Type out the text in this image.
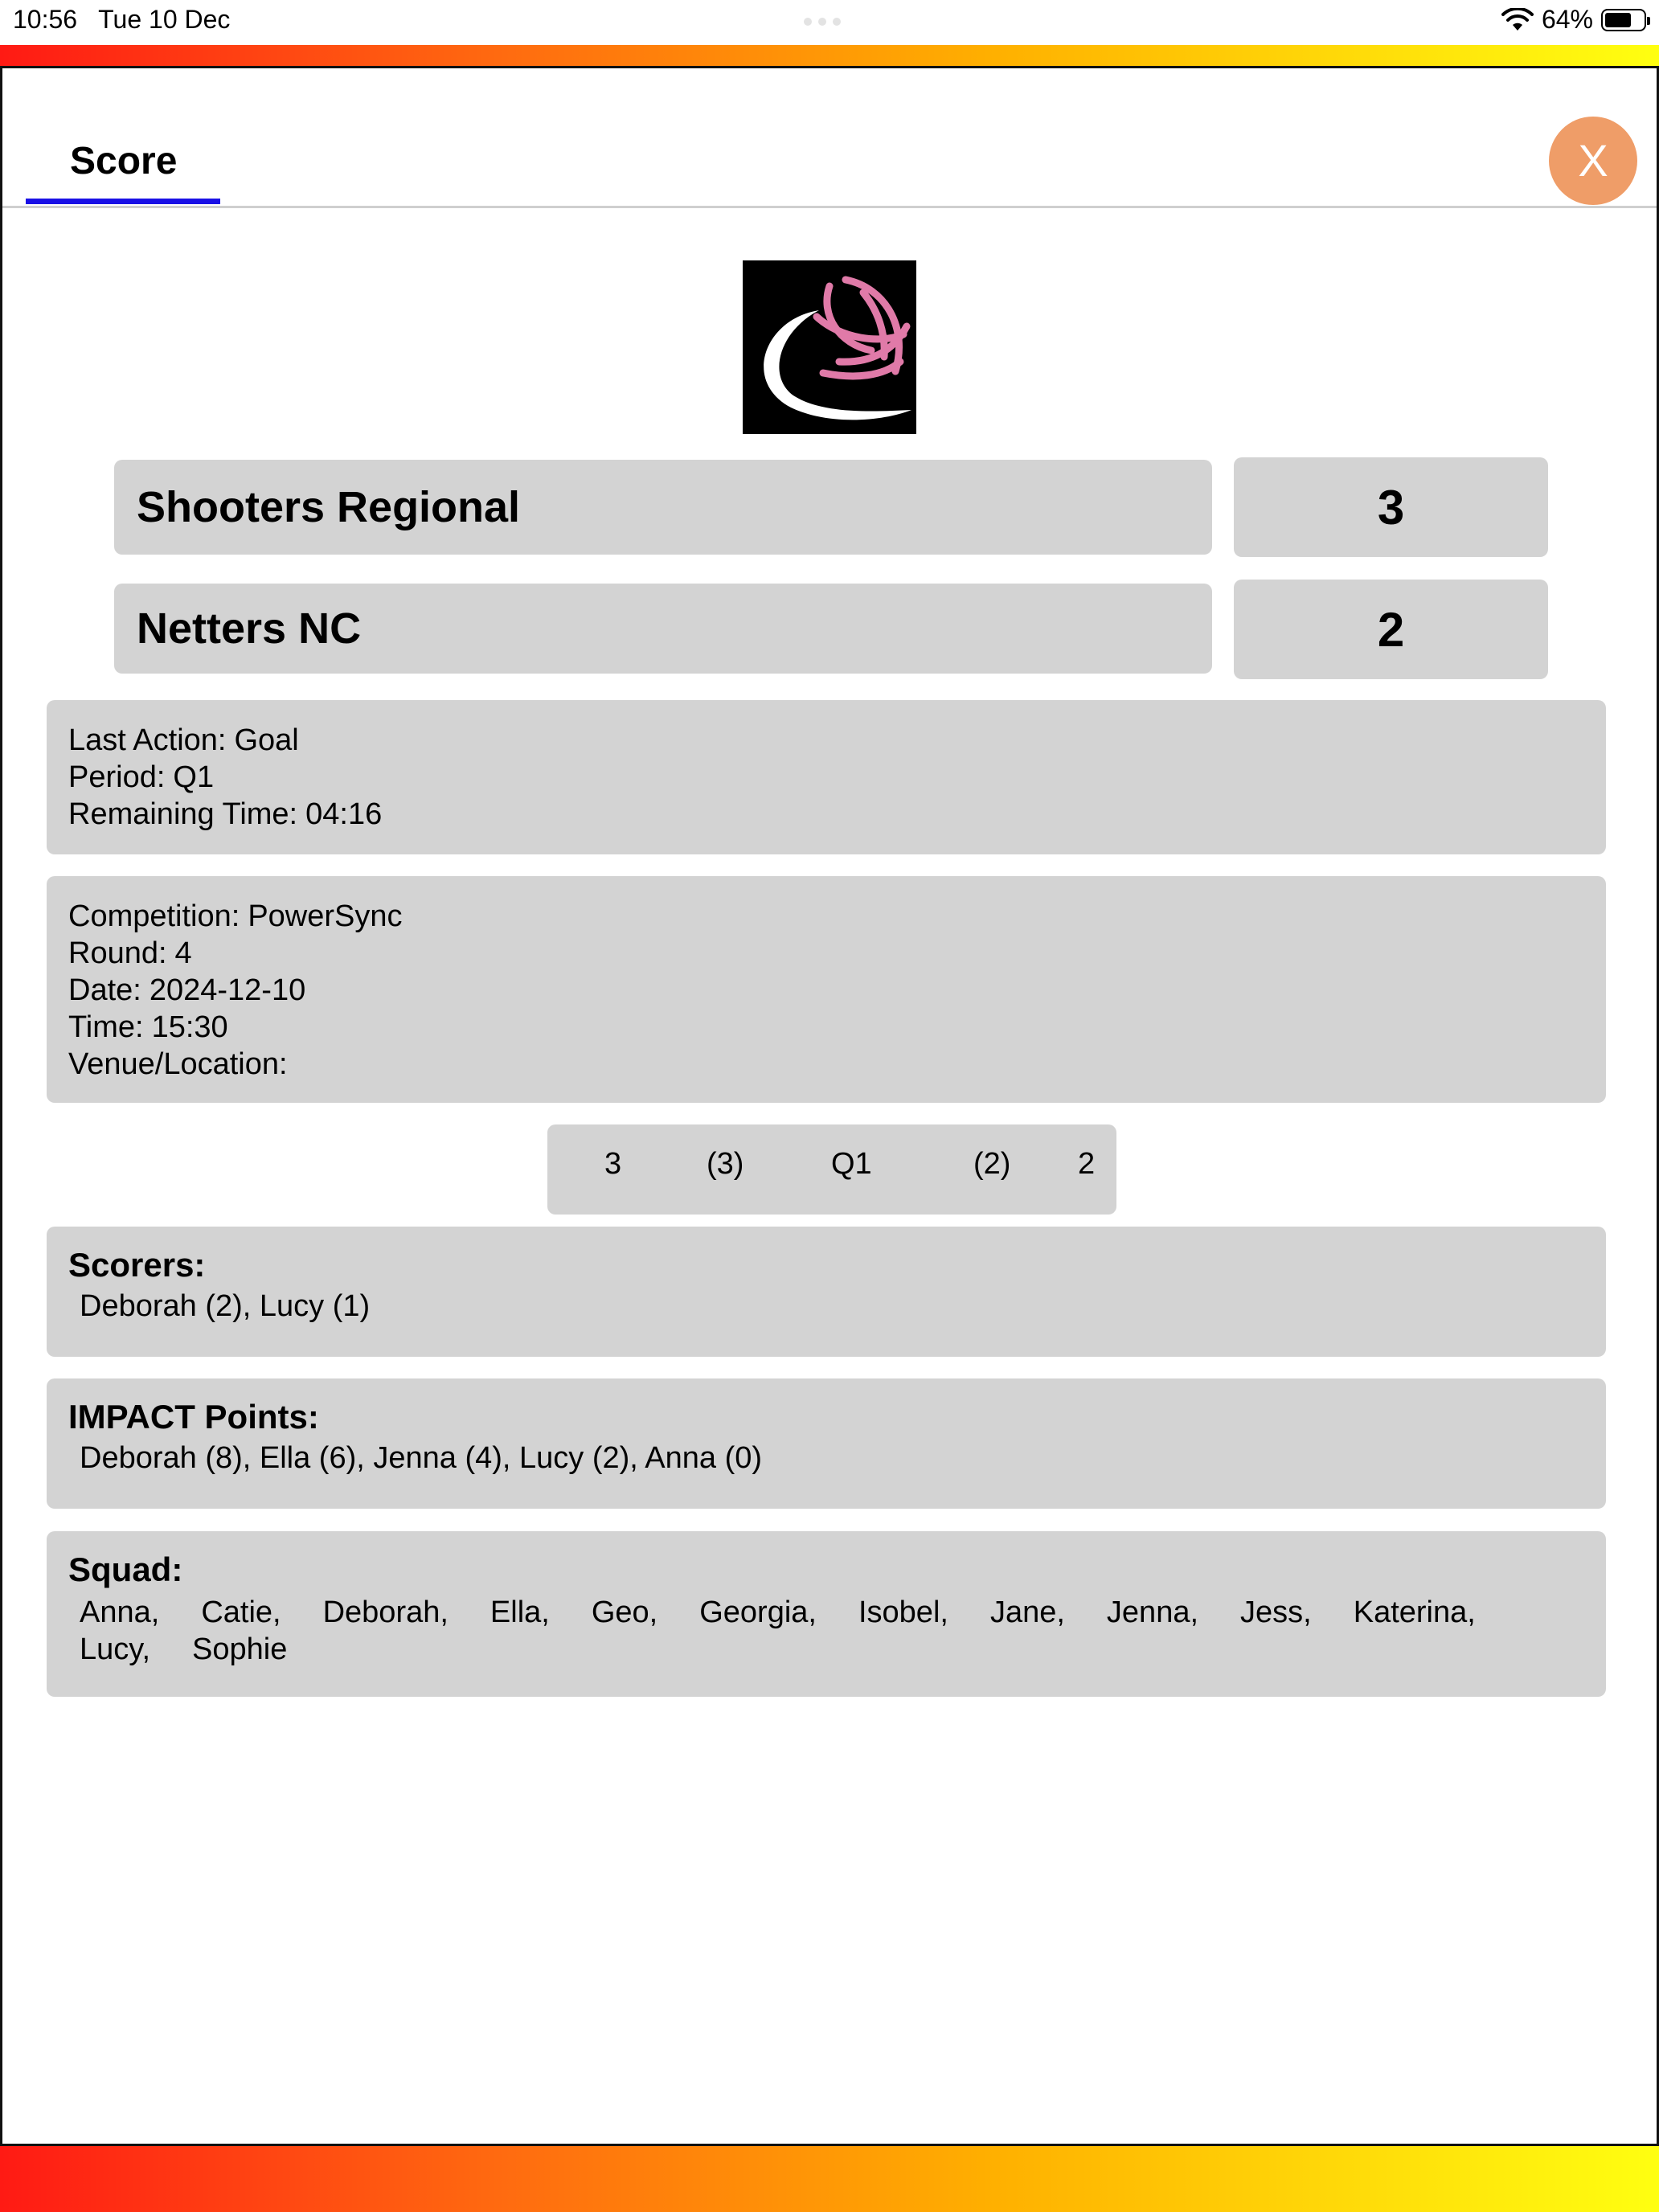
10:56 Tue 10 Dec	64%
Score	X
Shooters Regional	3
Netters NC	2
Last Action: Goal
Period: Q1
Remaining Time: 04:16
Competition: PowerSync
Round: 4
Date: 2024-12-10
Time: 15:30
Venue/Location:
3	(3)	Q1	(2) 2
Scorers:
Deborah (2), Lucy (1)
IMPACT Points:
Deborah (8), Ella (6), Jenna (4), Lucy (2), Anna (0)
Squad:
Anna, Catie, Deborah, Ella, Geo, Georgia, Isobel, Jane, Jenna, Jess, Katerina,
Lucy, Sophie
